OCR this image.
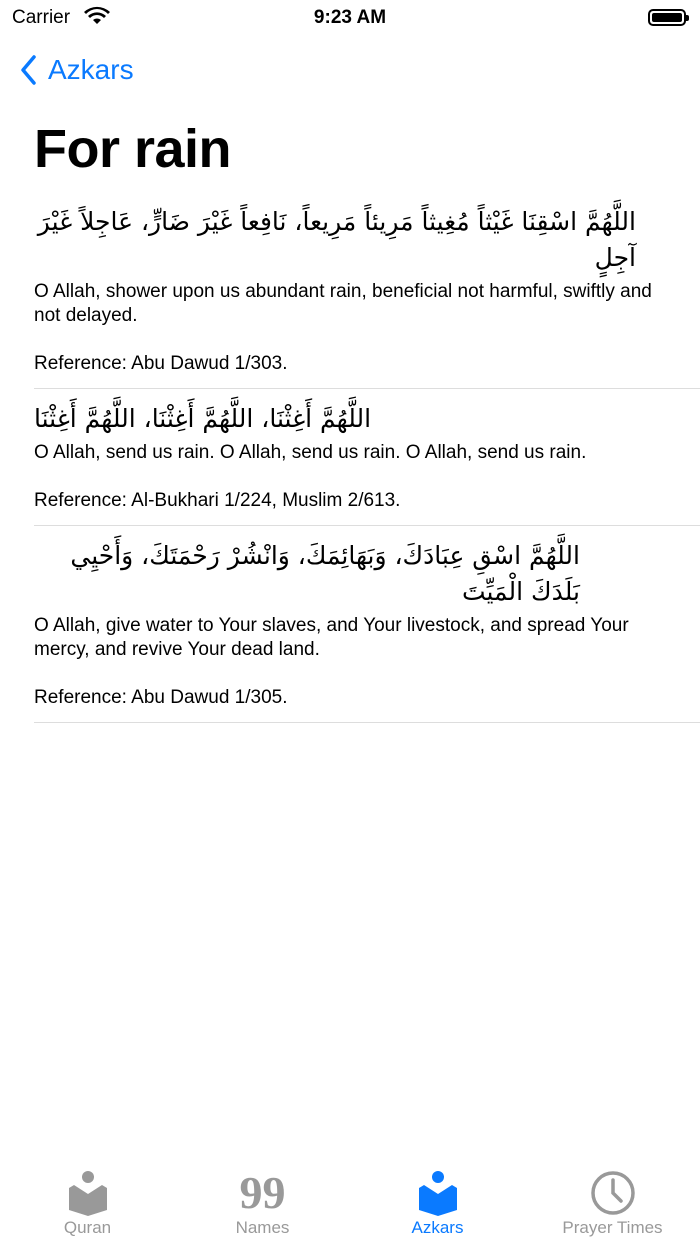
Carrier	9:23 AM
Azkars
For rain
اللَّهُمَّ اسْقِنَا غَيْثاً مُغِيثاً مَرِيئاً مَرِيعاً، نَافِعاً غَيْرَ ضَارٍّ، عَاجِلاً غَيْرَ آجِلٍ
O Allah, shower upon us abundant rain, beneficial not harmful, swiftly and not delayed.
Reference: Abu Dawud 1/303.
اللَّهُمَّ أَغِثْنَا، اللَّهُمَّ أَغِثْنَا، اللَّهُمَّ أَغِثْنَا
O Allah, send us rain. O Allah, send us rain. O Allah, send us rain.
Reference: Al-Bukhari 1/224, Muslim 2/613.
اللَّهُمَّ اسْقِ عِبَادَكَ، وَبَهَائِمَكَ، وَانْشُرْ رَحْمَتَكَ، وَأَحْيِي بَلَدَكَ الْمَيِّتَ
O Allah, give water to Your slaves, and Your livestock, and spread Your mercy, and revive Your dead land.
Reference: Abu Dawud 1/305.
Quran
99
Names	Azkars	Prayer Times
